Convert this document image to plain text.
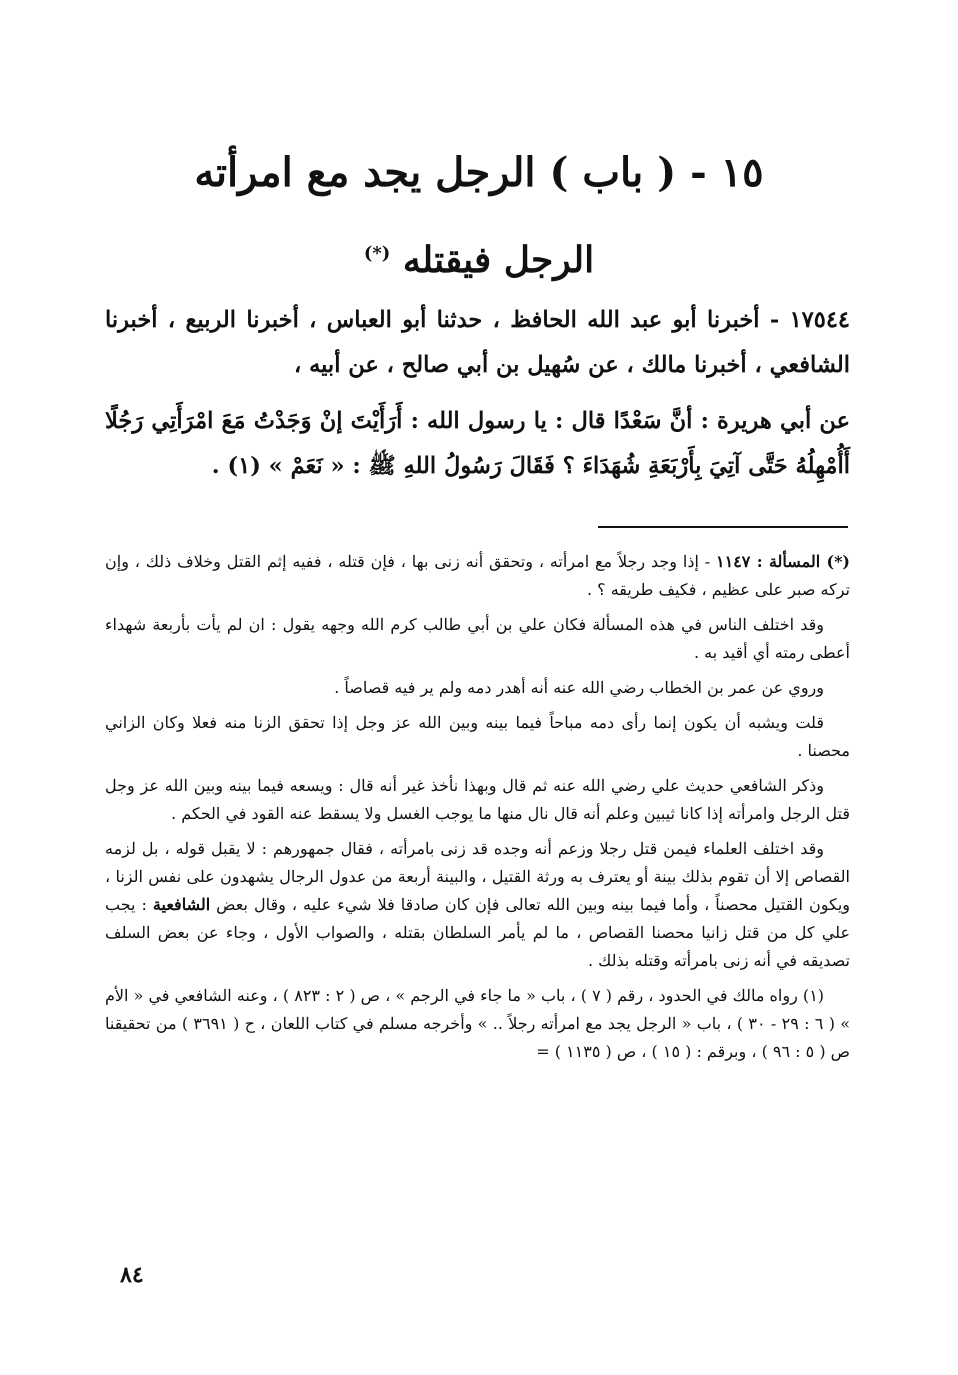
١٥ - ( باب ) الرجل يجد مع امرأته
الرجل فيقتله (*)

١٧٥٤٤ - أخبرنا أبو عبد الله الحافظ ، حدثنا أبو العباس ، أخبرنا الربيع ، أخبرنا الشافعي ، أخبرنا مالك ، عن سُهيل بن أبي صالح ، عن أبيه ،

عن أبي هريرة : أنَّ سَعْدًا قال : يا رسول الله : أَرَأَيْتَ إنْ وَجَدْتُ مَعَ امْرَأَتِي رَجُلًا أَأُمْهِلُهُ حَتَّى آتِيَ بِأَرْبَعَةِ شُهَدَاءَ ؟ فَقَالَ رَسُولُ اللهِ ﷺ : « نَعَمْ » (١) .

(*) المسألة : ١١٤٧ - إذا وجد رجلاً مع امرأته ، وتحقق أنه زنى بها ، فإن قتله ، ففيه إثم القتل وخلاف ذلك ، وإن تركه صبر على عظيم ، فكيف طريقه ؟ .

وقد اختلف الناس في هذه المسألة فكان علي بن أبي طالب كرم الله وجهه يقول : ان لم يأت بأربعة شهداء أعطى رمته أي أقيد به .

وروي عن عمر بن الخطاب رضي الله عنه أنه أهدر دمه ولم ير فيه قصاصاً .

قلت ويشبه أن يكون إنما رأى دمه مباحاً فيما بينه وبين الله عز وجل إذا تحقق الزنا منه فعلا وكان الزاني محصنا .

وذكر الشافعي حديث علي رضي الله عنه ثم قال وبهذا نأخذ غير أنه قال : ويسعه فيما بينه وبين الله عز وجل قتل الرجل وامرأته إذا كانا ثيبين وعلم أنه قال نال منها ما يوجب الغسل ولا يسقط عنه القود في الحكم .

وقد اختلف العلماء فيمن قتل رجلا وزعم أنه وجده قد زنى بامرأته ، فقال جمهورهم : لا يقبل قوله ، بل لزمه القصاص إلا أن تقوم بذلك بينة أو يعترف به ورثة القتيل ، والبينة أربعة من عدول الرجال يشهدون على نفس الزنا ، ويكون القتيل محصناً ، وأما فيما بينه وبين الله تعالى فإن كان صادقا فلا شيء عليه ، وقال بعض الشافعية : يجب علي كل من قتل زانيا محصنا القصاص ، ما لم يأمر السلطان بقتله ، والصواب الأول ، وجاء عن بعض السلف تصديقه في أنه زنى بامرأته وقتله بذلك .

(١) رواه مالك في الحدود ، رقم ( ٧ ) ، باب « ما جاء في الرجم » ، ص ( ٢ : ٨٢٣ ) ، وعنه الشافعي في « الأم » ( ٦ : ٢٩ - ٣٠ ) ، باب « الرجل يجد مع امرأته رجلاً .. » وأخرجه مسلم في كتاب اللعان ، ح ( ٣٦٩١ ) من تحقيقنا ص ( ٥ : ٩٦ ) ، وبرقم : ( ١٥ ) ، ص ( ١١٣٥ ) =

٨٤
